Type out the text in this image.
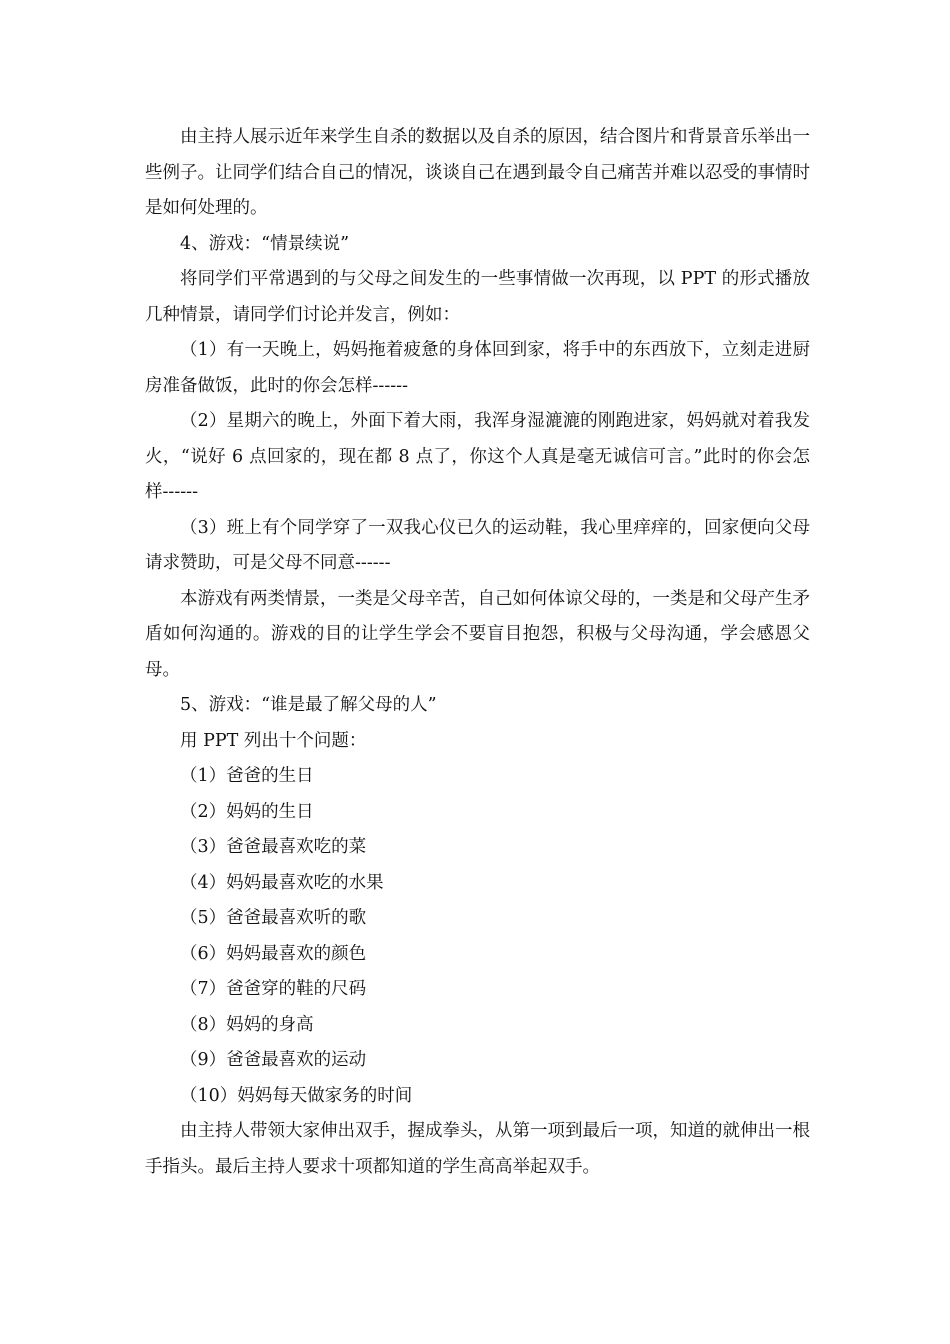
由主持人展示近年来学生自杀的数据以及自杀的原因，结合图片和背景音乐举出一些例子。让同学们结合自己的情况，谈谈自己在遇到最令自己痛苦并难以忍受的事情时是如何处理的。

4、游戏：“情景续说”

将同学们平常遇到的与父母之间发生的一些事情做一次再现，以 PPT 的形式播放几种情景，请同学们讨论并发言，例如：

（1）有一天晚上，妈妈拖着疲惫的身体回到家，将手中的东西放下，立刻走进厨房准备做饭，此时的你会怎样------

（2）星期六的晚上，外面下着大雨，我浑身湿漉漉的刚跑进家，妈妈就对着我发火，“说好 6 点回家的，现在都 8 点了，你这个人真是毫无诚信可言。”此时的你会怎样------

（3）班上有个同学穿了一双我心仪已久的运动鞋，我心里痒痒的，回家便向父母请求赞助，可是父母不同意------

本游戏有两类情景，一类是父母辛苦，自己如何体谅父母的，一类是和父母产生矛盾如何沟通的。游戏的目的让学生学会不要盲目抱怨，积极与父母沟通，学会感恩父母。

5、游戏：“谁是最了解父母的人”

用 PPT 列出十个问题：

（1）爸爸的生日

（2）妈妈的生日

（3）爸爸最喜欢吃的菜

（4）妈妈最喜欢吃的水果

（5）爸爸最喜欢听的歌

（6）妈妈最喜欢的颜色

（7）爸爸穿的鞋的尺码

（8）妈妈的身高

（9）爸爸最喜欢的运动

（10）妈妈每天做家务的时间

由主持人带领大家伸出双手，握成拳头，从第一项到最后一项，知道的就伸出一根手指头。最后主持人要求十项都知道的学生高高举起双手。
